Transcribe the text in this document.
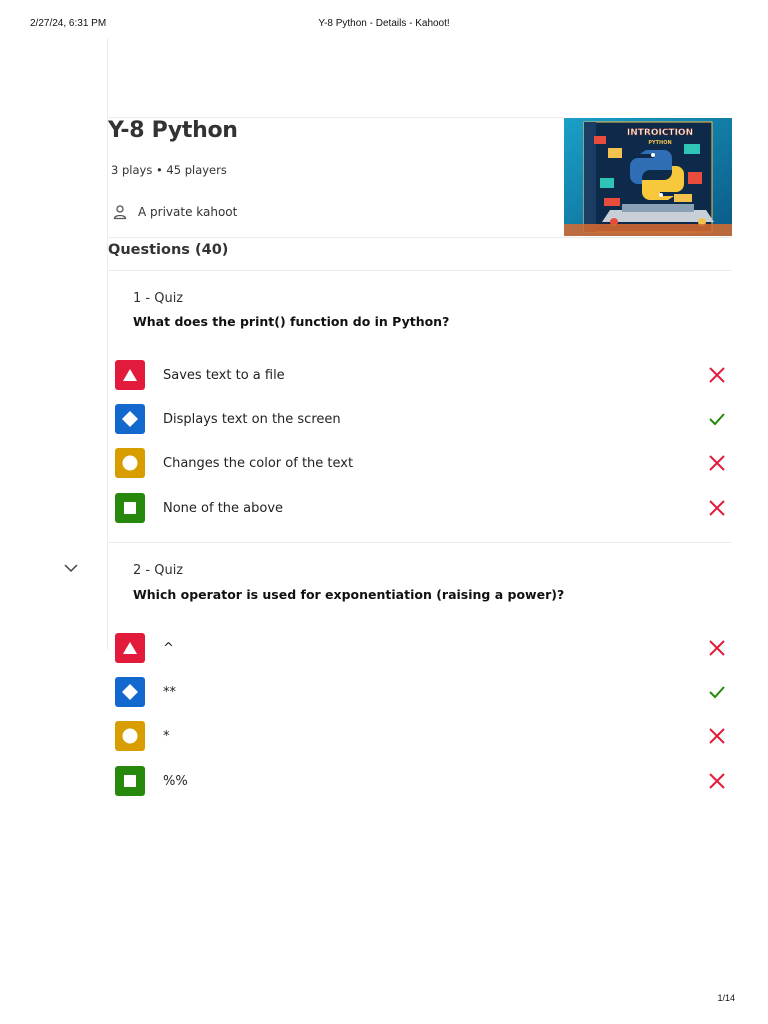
2/27/24, 6:31 PM	Y-8 Python - Details - Kahoot!
1/14
Y-8 Python
3 plays • 45 players
A private kahoot
INTROICTION
PYTHON
Questions (40)
1 - Quiz
What does the print() function do in Python?
Saves text to a file
Displays text on the screen
Changes the color of the text
None of the above
2 - Quiz
Which operator is used for exponentiation (raising a power)?
^
**
*
%%
